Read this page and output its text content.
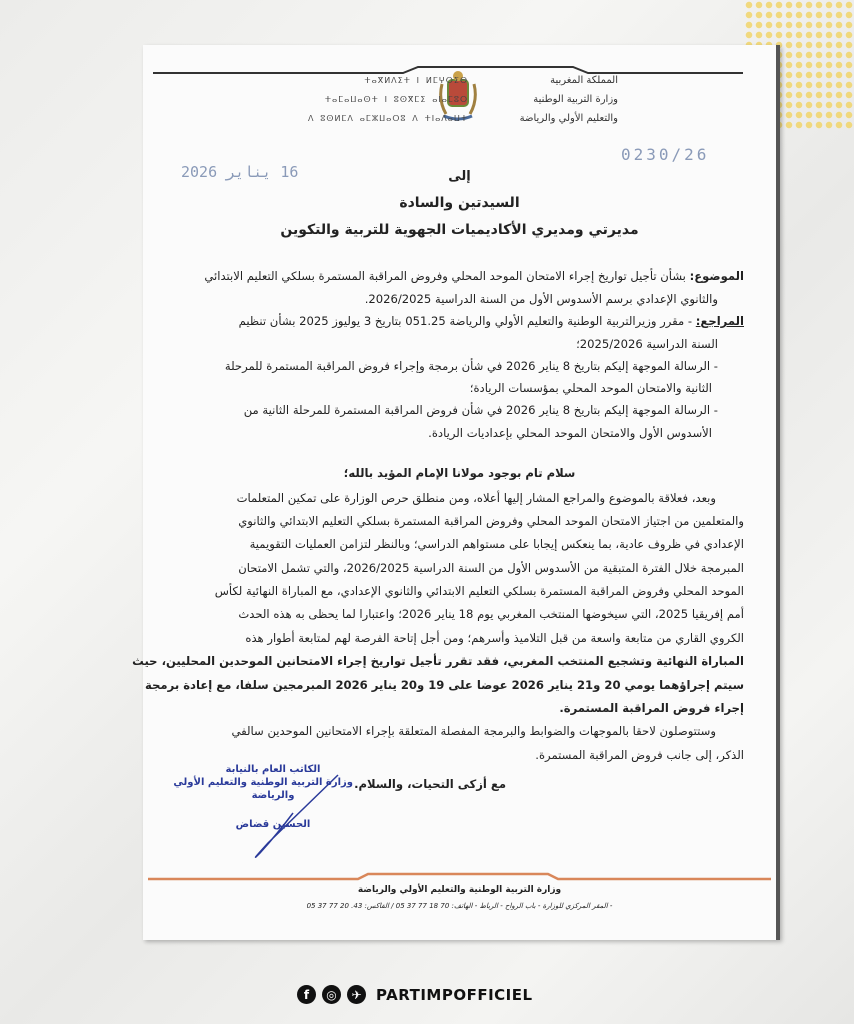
المملكة المغربية
وزارة التربية الوطنية
والتعليم الأولي والرياضة
ⵜⴰⴳⵍⴷⵉⵜ ⵏ ⵍⵎⵖⵔⵉⴱ
ⵜⴰⵎⴰⵡⴰⵙⵜ ⵏ ⵓⵙⴳⵎⵉ ⴰⵏⴰⵎⵓⵔ
ⴷ ⵓⵙⵍⵎⴷ ⴰⵎⵣⵡⴰⵔⵓ ⴷ ⵜⵏⴰⴷⴰⵡⵜ
0230/26
16 يناير 2026	إلى
السيدتين والسادة
مديرتي ومديري الأكاديميات الجهوية للتربية والتكوين
الموضوع: بشأن تأجيل تواريخ إجراء الامتحان الموحد المحلي وفروض المراقبة المستمرة بسلكي التعليم الابتدائي
والثانوي الإعدادي برسم الأسدوس الأول من السنة الدراسية 2026/2025.
المراجع: - مقرر وزيرالتربية الوطنية والتعليم الأولي والرياضة 051.25 بتاريخ 3 يوليوز 2025 بشأن تنظيم
السنة الدراسية 2025/2026؛
- الرسالة الموجهة إليكم بتاريخ 8 يناير 2026 في شأن برمجة وإجراء فروض المراقبة المستمرة للمرحلة
الثانية والامتحان الموحد المحلي بمؤسسات الريادة؛
- الرسالة الموجهة إليكم بتاريخ 8 يناير 2026 في شأن فروض المراقبة المستمرة للمرحلة الثانية من
الأسدوس الأول والامتحان الموحد المحلي بإعداديات الريادة.
سلام تام بوجود مولانا الإمام المؤيد بالله؛
وبعد، فعلاقة بالموضوع والمراجع المشار إليها أعلاه، ومن منطلق حرص الوزارة على تمكين المتعلمات
والمتعلمين من اجتياز الامتحان الموحد المحلي وفروض المراقبة المستمرة بسلكي التعليم الابتدائي والثانوي
الإعدادي في ظروف عادية، بما ينعكس إيجابا على مستواهم الدراسي؛ وبالنظر لتزامن العمليات التقويمية
المبرمجة خلال الفترة المتبقية من الأسدوس الأول من السنة الدراسية 2026/2025، والتي تشمل الامتحان
الموحد المحلي وفروض المراقبة المستمرة بسلكي التعليم الابتدائي والثانوي الإعدادي، مع المباراة النهائية لكأس
أمم إفريقيا 2025، التي سيخوضها المنتخب المغربي يوم 18 يناير 2026؛ واعتبارا لما يحظى به هذه الحدث
الكروي القاري من متابعة واسعة من قبل التلاميذ وأسرهم؛ ومن أجل إتاحة الفرصة لهم لمتابعة أطوار هذه
المباراة النهائية وتشجيع المنتخب المغربي، فقد تقرر تأجيل تواريخ إجراء الامتحانين الموحدين المحليين، حيث
سيتم إجراؤهما يومي 20 و21 يناير 2026 عوضا على 19 و20 يناير 2026 المبرمجين سلفا، مع إعادة برمجة
إجراء فروض المراقبة المستمرة.
وستتوصلون لاحقا بالموجهات والضوابط والبرمجة المفصلة المتعلقة بإجراء الامتحانين الموحدين سالفي
الذكر، إلى جانب فروض المراقبة المستمرة.
مع أزكى التحيات، والسلام.
الكاتب العام بالنيابة
وزارة التربية الوطنية والتعليم الأولي
والرياضة
الحسين قضاض
وزارة التربية الوطنية والتعليم الأولي والرياضة
- المقر المركزي للوزارة - باب الرواح - الرباط - الهاتف: 70 18 77 37 05 / الفاكس: 43. 20 77 37 05
f	◎	✈ PARTIMPOFFICIEL
